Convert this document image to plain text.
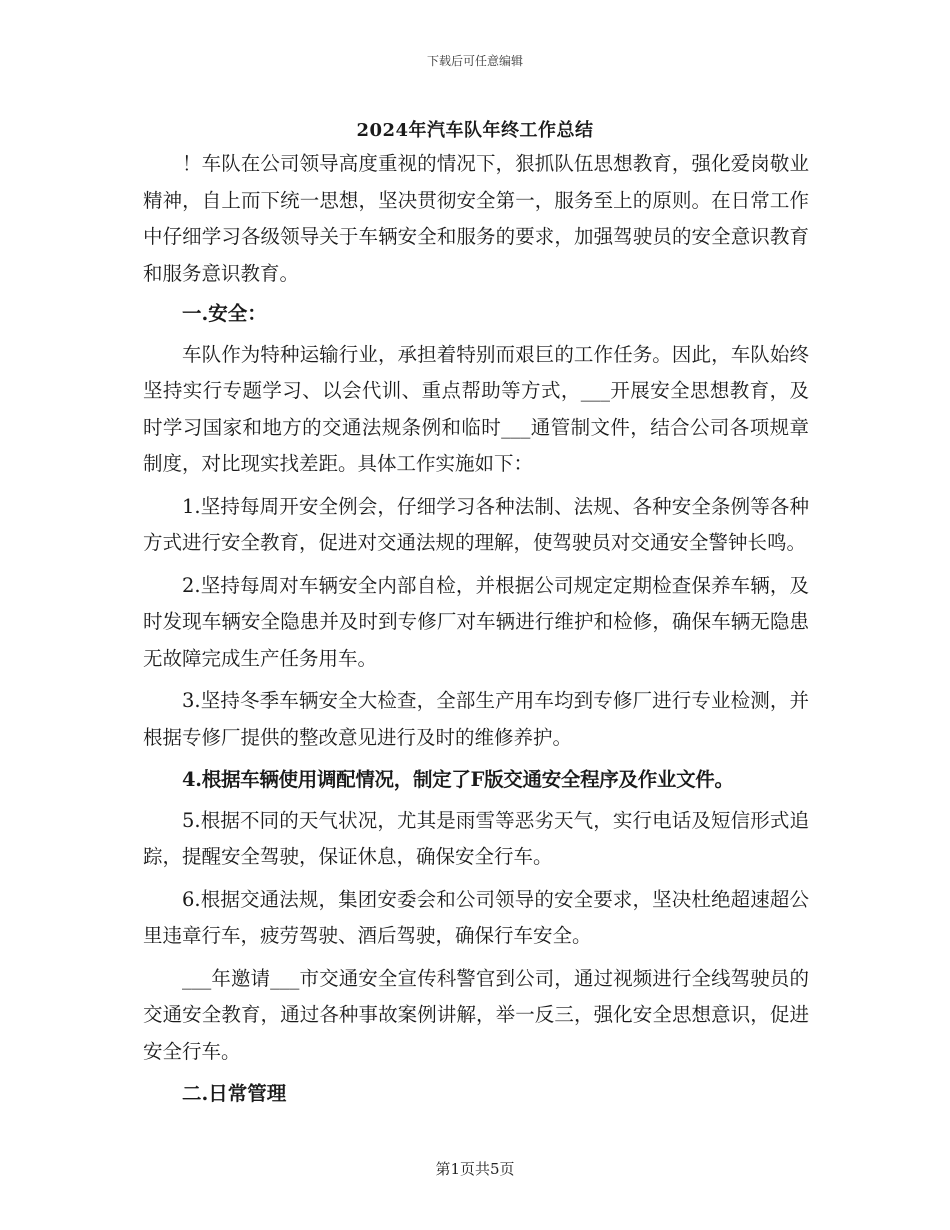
下载后可任意编辑
2024年汽车队年终工作总结

！车队在公司领导高度重视的情况下，狠抓队伍思想教育，强化爱岗敬业精神，自上而下统一思想，坚决贯彻安全第一，服务至上的原则。在日常工作中仔细学习各级领导关于车辆安全和服务的要求，加强驾驶员的安全意识教育和服务意识教育。

一.安全：

车队作为特种运输行业，承担着特别而艰巨的工作任务。因此，车队始终坚持实行专题学习、以会代训、重点帮助等方式，___开展安全思想教育，及时学习国家和地方的交通法规条例和临时___通管制文件，结合公司各项规章制度，对比现实找差距。具体工作实施如下：

1.坚持每周开安全例会，仔细学习各种法制、法规、各种安全条例等各种方式进行安全教育，促进对交通法规的理解，使驾驶员对交通安全警钟长鸣。

2.坚持每周对车辆安全内部自检，并根据公司规定定期检查保养车辆，及时发现车辆安全隐患并及时到专修厂对车辆进行维护和检修，确保车辆无隐患无故障完成生产任务用车。

3.坚持冬季车辆安全大检查，全部生产用车均到专修厂进行专业检测，并根据专修厂提供的整改意见进行及时的维修养护。

4.根据车辆使用调配情况，制定了F版交通安全程序及作业文件。

5.根据不同的天气状况，尤其是雨雪等恶劣天气，实行电话及短信形式追踪，提醒安全驾驶，保证休息，确保安全行车。

6.根据交通法规，集团安委会和公司领导的安全要求，坚决杜绝超速超公里违章行车，疲劳驾驶、酒后驾驶，确保行车安全。

___年邀请___市交通安全宣传科警官到公司，通过视频进行全线驾驶员的交通安全教育，通过各种事故案例讲解，举一反三，强化安全思想意识，促进安全行车。

二.日常管理

第1页共5页
